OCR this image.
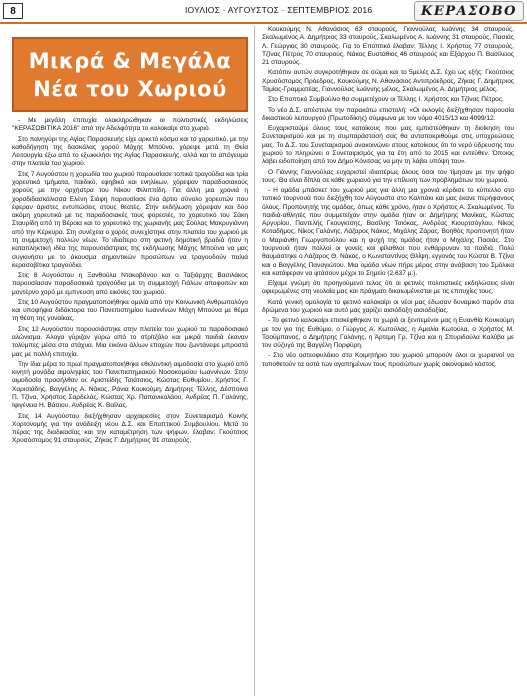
8	ΙΟΥΛΙΟΣ · ΑΥΓΟΥΣΤΟΣ · ΣΕΠΤΕΜΒΡΙΟΣ 2016	ΚΕΡΑΣΟΒΟ
Μικρά & Μεγάλα
Νέα του Χωριού

- Με μεγάλη επιτυχία ολοκληρώθηκαν οι πολιτιστικές εκδηλώσεις "ΚΕΡΑΣΟΒΙΤΙΚΑ 2016" από την Αδελφότητα το καλοκαίρι στο χωριό.

Στο πανηγύρι της Αγίας Παρασκευής είχε αρκετό κόσμο και το χορευτικό, με την καθοδήγηση της δασκάλας χορού Μάχης Μπούνα, χόρεψε μετά τη Θεία Λειτουργία έξω από το εξωκκλήσι της Αγίας Παρασκευής, αλλά και το απόγευμα στην πλατεία του χωριού.

Στις 7 Αυγούστου η χορωδία του χωριού παρουσίασε τοπικά τραγούδια και τρία χορευτικά τμήματα, παιδικό, εφηβικό και ενηλίκων, χόρεψαν παραδοσιακούς χορούς με την ορχήστρα του Νίκου Φιλιππίδη. Για άλλη μια χρονιά η χοροδιδασκάλισσα Ελένη Σιάφη παρουσίασε ένα άρτιο σύνολο χορευτών που έφεραν άριστες εντυπώσεις στους θεατές. Στην εκδήλωση χόρεψαν και δύο ακόμη χορευτικά με τις παραδοσιακές τους φορεσιές, το χορευτικό του Σάκη Σταυρίδη από τη Βέροια και το χορευτικό της χωριανής μας Σούλας Μακρυγιάννη από την Κέρκυρα. Στη συνέχεια ο χορός συνεχίστηκε στην πλατεία του χωριού με τη συμμετοχή πολλών νέων. Το ιδιαίτερο στη φετινή δημοτική βραδιά ήταν η καταπληκτική ιδέα της παρουσιάστριας της εκδήλωσης Μάχης Μπούνα να μας συγκινήσει με το άκουσμα σημαντικών προσώπων να τραγουδούν παλιά κερασοβίτικα τραγούδια.

Στις 8 Αυγούστου η Ξανθούλα Ντακοβάνου και ο Ταξιάρχης Βασιλάκος παρουσίασαν παραδοσιακά τραγούδια με τη συμμετοχή Γιάλων αποφοιτών και μοντέρνο χορό με εμπνευση από εικόνες του χωριού.

Στις 10 Αυγούστου πραγματοποιήθηκε ομιλία από την Κοινωνική Ανθρωπολόγο και υποψήφια διδάκτορα του Πανεπιστημίου Ιωαννίνων Μάχη Μπούνα με θέμα τη θέση της γυναίκας.

Στις 12 Αυγούστου παρουσιάστηκε στην πλατεία του χωριού το παραδοσιακό αλώνισμα. Άλογα γύριζαν γύρω από το στρίτζάλο και μικρά παιδιά έκαναν τολύμπες μέσα στα στάχυα. Μια εικόνα άλλων εποχών που ζωντάνεψε μπροστά μας με πολλή επιτυχία.

Την ίδια μέρα το πρωί πραγματοποιήθηκε εθελοντική αιμοδοσία στο χωριό από κινητή μονάδα αιμοληψίας του Πανεπιστημιακού Νοσοκομείου Ιωαννίνων. Στην αιμοδοσία προσήλθαν οι: Αριστείδης Τσιάτσιος, Κώστας Ευθυμίου, Χρήστος Γ. Χαρισιάδης, Βαγγέλης Α. Νάκος, Ράνια Κουκούμη, Δημήτρης Τέλλης, Δέσποινα Π. Τζίνα, Χρήστος Σαρδελάς, Κώστας Χρ. Παπανικολάου, Ανδρέας Π. Γαλάνης, Ιφιγένεια Η. Βάσιου, Ανδρέας Κ. Βαϊλας.

Στις 14 Αυγούστου διεξήχθησαν αρχαιρεσίες στον Συνεταιρισμό Κοινής Χορτονομής για την ανάδειξη νέου Δ.Σ. και Εποπτικού Συμβουλίου. Μετά το πέρας της διαδικασίας και την καταμέτρηση των ψήφων, έλαβαν: Γκούτσιος Χρυσόστομος 91 σταυρούς, Ζήκας Γ. Δημήτριος 91 σταυρούς,

Κουκούμης Ν. Αθανάσιος 63 σταυρούς, Γιαννούλας Ιωάννης 34 σταυρούς, Σκαλωμένος Α. Δημήτριος 33 σταυρούς, Σκαλωμένος Α. Ιωάννης 31 σταυρούς, Πασιάς Λ. Γεώργιος 30 σταυρούς. Για το Εποπτικό έλαβαν: Τέλλης Ι. Χρήστος 77 σταυρούς, Τζίνας Πέτρος 70 σταυρούς, Νάκος Ευστάθιος 46 σταυρούς και Εξάρχου Π. Βασίλειος 21 σταυρούς.

Κατόπιν αυτών συγκροτήθηκαν σε σώμα και το 5μελές Δ.Σ. έχει ως εξής: Γκούτσιος Χρυσόστομος Πρόεδρος, Κουκούμης Ν. Αθανάσιος Αντιπρόεδρος, Ζήκας Γ. Δημήτριος Ταμίας-Γραμματέας, Γιαννούλας Ιωάννης μέλος, Σκαλωμένος Α. Δημήτριος μέλος.

Στο Εποπτικό Συμβούλιο θα συμμετέχουν οι Τέλλης Ι. Χρήστος και Τζίνας Πέτρος.

Το νέο Δ.Σ. απέστειλε την παρακάτω επιστολή: «Οι εκλογές διεξήχθησαν παρουσία δικαστικού λειτουργού (Πρωτοδίκης) σύμφωνα με τον νόμο 4015/13 και 4099/12.

Ευχαριστούμε όλους τους κατοίκους που μας εμπιστεύθηκαν τη διοίκηση του Συνεταιρισμού και με τη συμπαράστασή σας θα ανταποκριθούμε στις υποχρεώσεις μας. Το Δ.Σ. του Συνεταιρισμού ανακοινώνει στους κατοίκους ότι το νερό ύδρευσης του χωριού το πληρώνει ο Συνεταιρισμός για τα έτη από το 2015 και εντεύθεν. Όποιος λάβει ειδοποίηση από τον Δήμο Κόνιτσας να μην τη λάβει υπόψη του».

Ο Γιάννης Γιαννούλας ευχαριστεί ιδιαιτέρως όλους όσοι τον τίμησαν με την ψήφο τους. Θα είναι δίπλα σε κάθε χωριανό για την επίλυση των προβλημάτων του χωριού.

- Η ομάδα μπάσκετ του χωριού μας για άλλη μια χρονιά κέρδισε το κύπελλο στο τοπικό τουρνουά που διεξήχθη τον Αύγουστο στο Καλπάκι και μας έκανε περήφανους όλους. Προπονητής της ομάδας, όπως κάθε χρόνο, ήταν ο Χρήστος Α. Σκαλωμένος. Τα παιδιά-αθλητές που συμμετείχαν στην ομάδα ήταν οι: Δημήτρης Μανίκας, Κώστας Αργυρίου, Παντελής Γκουγκτσης, Βασίλης Τσιόκας, Ανδρέας Κιουρτσόγλου, Νίκος Κοταδήμος, Νίκος Γαλάνης, Λάζαρος Νάκος, Μιχάλης Ζάρας. Βοηθός προπονητή ήταν ο Μαριάνθη Γεωργοπούλου και η ψυχή της ομάδας ήταν ο Μιχάλης Πασιάς. Στο τουρνουά ήταν πολλοί οι γονείς και φίλαθλοι που ενθάρρυναν τα παιδιά. Πολύ θαυμάστηκε ο Λάζαρος Θ. Νάκος, ο Κωνσταντίνος Θλίψη, εγγονός του Κώστα Β. Τζίνα και ο Βαγγέλης Παναγιώτου. Μια ομάδα νέων πήρε μέρος στην ανάβαση του Σμόλικα και κατάφεραν να φτάσουν μέχρι το Σημείο (2.637 μ.).

Είχαμε γνώμη ότι προηγούμενο τελος ότι οι φετινές πολιτιστικές εκδηλώσεις είναι αφιερωμένες στη νεολαία μας και πράγματι δικαιωμένεσται με τις επιτυχίες τους.

Κατά γενική ομολογία το φετινό καλοκαίρι οι νέοι μας έδωσαν δυναμικό παρόν στα δρώμενα του χωριού και αυτό μας χαρίζει αισιόδοξη αισιοδοξίας.

- Το φετινό καλοκαίρι επισκέφθηκαν το χωριό οι ξενιτεμένοι μας η Ευανθία Κουκούμη με τον γιο της Ευθύμιο, ο Γιώργος Α. Κωτούλας, η Αμαλία Κωτούλα, ο Χρήστος Μ. Τσούμπανος, ο Δημήτρης Γαλάνης, η Άρτεμη Γρ. Τζίνα και η Σπυριδούλα Καλύβα με τον σύζυγό της Βαγγέλη Πορφύρη.

- Στο νέο οστεοφυλάκιο στο Κοιμητήριο του χωριού μπορούν όλοι οι χωριανοί να τοποθετούν τα οστά των αγαπημένων τους προσώπων χωρίς οικονομικό κόστος.
